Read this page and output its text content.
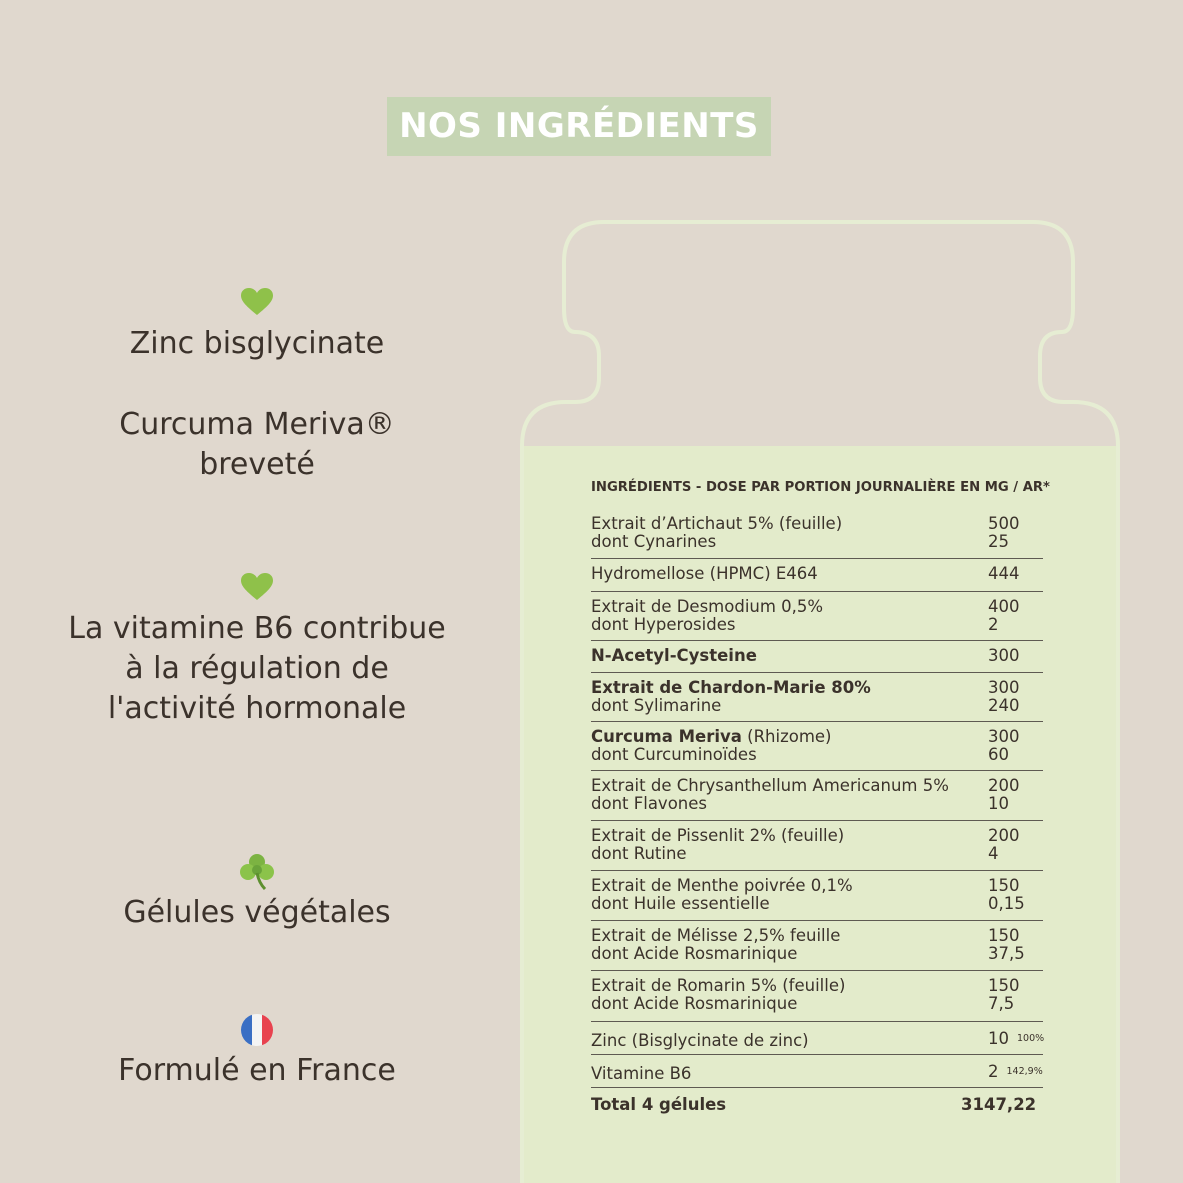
NOS INGRÉDIENTS
Zinc bisglycinate
Curcuma Meriva®
breveté
La vitamine B6 contribue
à la régulation de
l'activité hormonale
Gélules végétales
Formulé en France
INGRÉDIENTS - DOSE PAR PORTION JOURNALIÈRE EN MG / AR*
Extrait d’Artichaut 5% (feuille)	500
dont Cynarines	25
Hydromellose (HPMC) E464	444
Extrait de Desmodium 0,5%	400
dont Hyperosides	2
N-Acetyl-Cysteine	300
Extrait de Chardon-Marie 80%	300
dont Sylimarine	240
Curcuma Meriva (Rhizome)	300
dont Curcuminoïdes	60
Extrait de Chrysanthellum Americanum 5%	200
dont Flavones	10
Extrait de Pissenlit 2% (feuille)	200
dont Rutine	4
Extrait de Menthe poivrée 0,1%	150
dont Huile essentielle	0,15
Extrait de Mélisse 2,5% feuille	150
dont Acide Rosmarinique	37,5
Extrait de Romarin 5% (feuille)	150
dont Acide Rosmarinique	7,5
Zinc (Bisglycinate de zinc)	10 100%
Vitamine B6	2 142,9%
Total 4 gélules	3147,22
